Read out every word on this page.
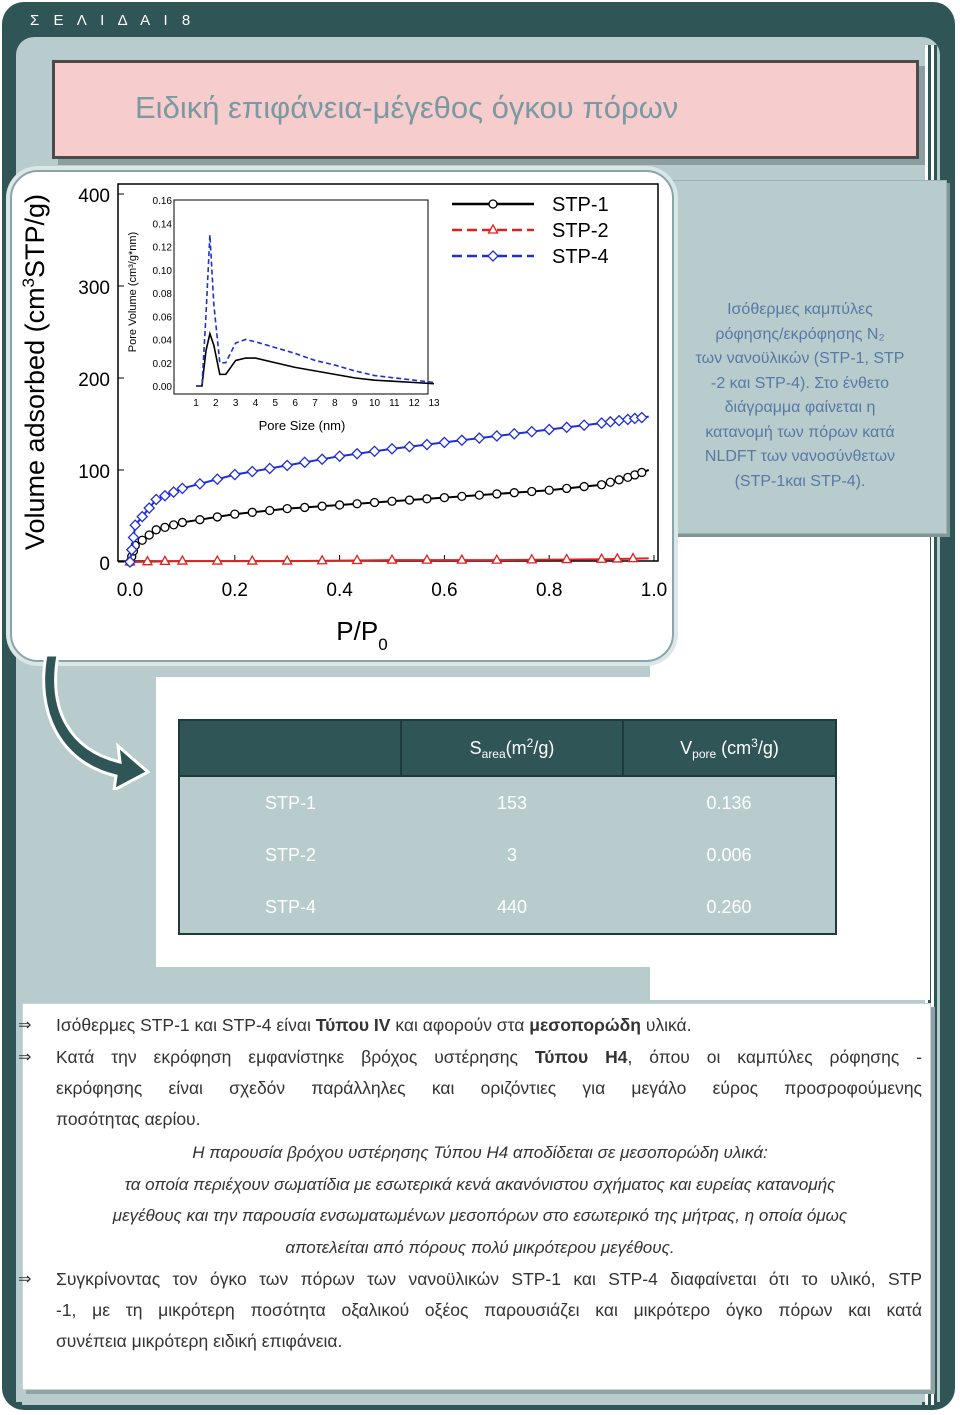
Σ Ε Λ Ι Δ Α Ι 8
Ειδική επιφάνεια-μέγεθος όγκου πόρων
Ισόθερμες καμπύλες
ρόφησης/εκρόφησης N₂
των νανοϋλικών (STP-1, STP
-2 και STP-4). Στο ένθετο
διάγραμμα φαίνεται η
κατανομή των πόρων κατά
NLDFT των νανοσύνθετων
(STP-1και STP-4).
0
100
200
300
400
0.0	0.2	0.4	0.6	0.8	1.0
0.00
0.02
0.04
0.06
0.08
0.10
0.12
0.14
0.16
1 2 3 4 5 6 7 8 9 10 11 12 13
STP-1
STP-2
STP-4
Volume adsorbed $(cm^3STP/g)$
$P/P_0$
Pore Volume (cm³/g*nm)
Pore Size (nm)
	$S_{area}(m^2/g)$	$V_{pore}$ $(cm^3/g)$
STP-1	153	0.136
STP-2	3	0.006
STP-4	440	0.260
⇒ Ισόθερμες STP-1 και STP-4 είναι Τύπου IV και αφορούν στα μεσοπορώδη υλικά.
⇒ Κατά την εκρόφηση εμφανίστηκε βρόχος υστέρησης Τύπου H4, όπου οι καμπύλες ρόφησης -
εκρόφησης είναι σχεδόν παράλληλες και οριζόντιες για μεγάλο εύρος προσροφούμενης
ποσότητας αερίου.
Η παρουσία βρόχου υστέρησης Τύπου H4 αποδίδεται σε μεσοπορώδη υλικά:
τα οποία περιέχουν σωματίδια με εσωτερικά κενά ακανόνιστου σχήματος και ευρείας κατανομής
μεγέθους και την παρουσία ενσωματωμένων μεσοπόρων στο εσωτερικό της μήτρας, η οποία όμως
αποτελείται από πόρους πολύ μικρότερου μεγέθους.
⇒ Συγκρίνοντας τον όγκο των πόρων των νανοϋλικών STP-1 και STP-4 διαφαίνεται ότι το υλικό, STP
-1, με τη μικρότερη ποσότητα οξαλικού οξέος παρουσιάζει και μικρότερο όγκο πόρων και κατά
συνέπεια μικρότερη ειδική επιφάνεια.
